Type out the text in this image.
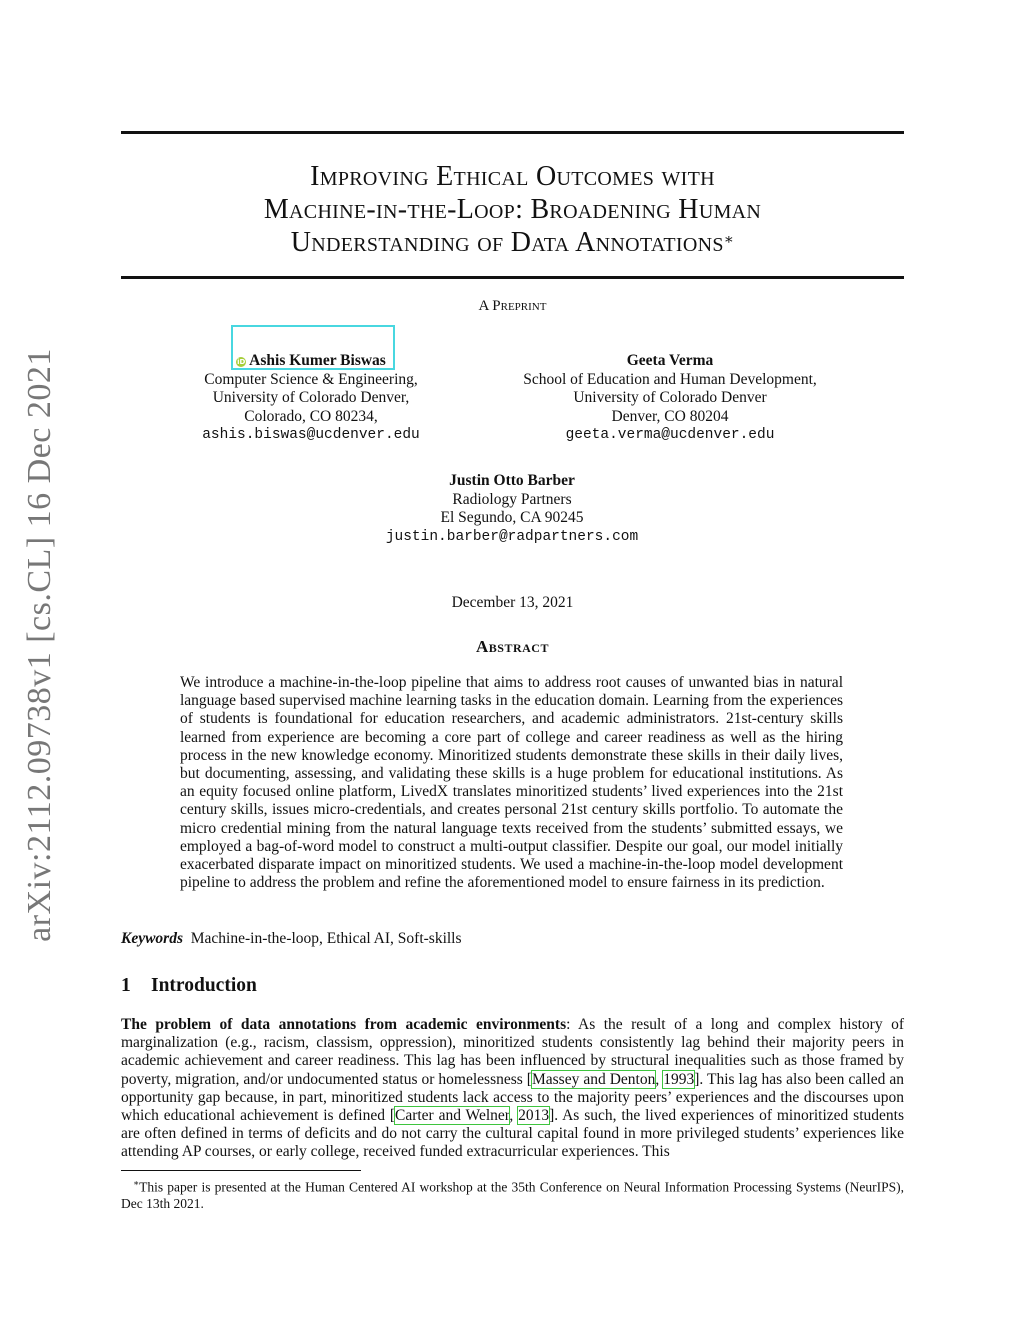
arXiv:2112.09738v1 [cs.CL] 16 Dec 2021
Improving Ethical Outcomes with
Machine-in-the-Loop: Broadening Human
Understanding of Data Annotations∗
A Preprint
iD Ashis Kumer Biswas
Computer Science & Engineering,
University of Colorado Denver,
Colorado, CO 80234,
ashis.biswas@ucdenver.edu
Geeta Verma
School of Education and Human Development,
University of Colorado Denver
Denver, CO 80204
geeta.verma@ucdenver.edu
Justin Otto Barber
Radiology Partners
El Segundo, CA 90245
justin.barber@radpartners.com
December 13, 2021
Abstract
We introduce a machine-in-the-loop pipeline that aims to address root causes of unwanted bias in natural language based supervised machine learning tasks in the education domain. Learning from the experiences of students is foundational for education researchers, and academic administrators. 21st-century skills learned from experience are becoming a core part of college and career readiness as well as the hiring process in the new knowledge economy. Minoritized students demonstrate these skills in their daily lives, but documenting, assessing, and validating these skills is a huge problem for educational institutions. As an equity focused online platform, LivedX translates minoritized students’ lived experiences into the 21st century skills, issues micro-credentials, and creates personal 21st century skills portfolio. To automate the micro credential mining from the natural language texts received from the students’ submitted essays, we employed a bag-of-word model to construct a multi-output classifier. Despite our goal, our model initially exacerbated disparate impact on minoritized students. We used a machine-in-the-loop model development pipeline to address the problem and refine the aforementioned model to ensure fairness in its prediction.
Keywords Machine-in-the-loop, Ethical AI, Soft-skills
1 Introduction
The problem of data annotations from academic environments: As the result of a long and complex history of marginalization (e.g., racism, classism, oppression), minoritized students consistently lag behind their majority peers in academic achievement and career readiness. This lag has been influenced by structural inequalities such as those framed by poverty, migration, and/or undocumented status or homelessness [Massey and Denton, 1993]. This lag has also been called an opportunity gap because, in part, minoritized students lack access to the majority peers’ experiences and the discourses upon which educational achievement is defined [Carter and Welner, 2013]. As such, the lived experiences of minoritized students are often defined in terms of deficits and do not carry the cultural capital found in more privileged students’ experiences like attending AP courses, or early college, received funded extracurricular experiences. This
∗This paper is presented at the Human Centered AI workshop at the 35th Conference on Neural Information Processing Systems (NeurIPS), Dec 13th 2021.
